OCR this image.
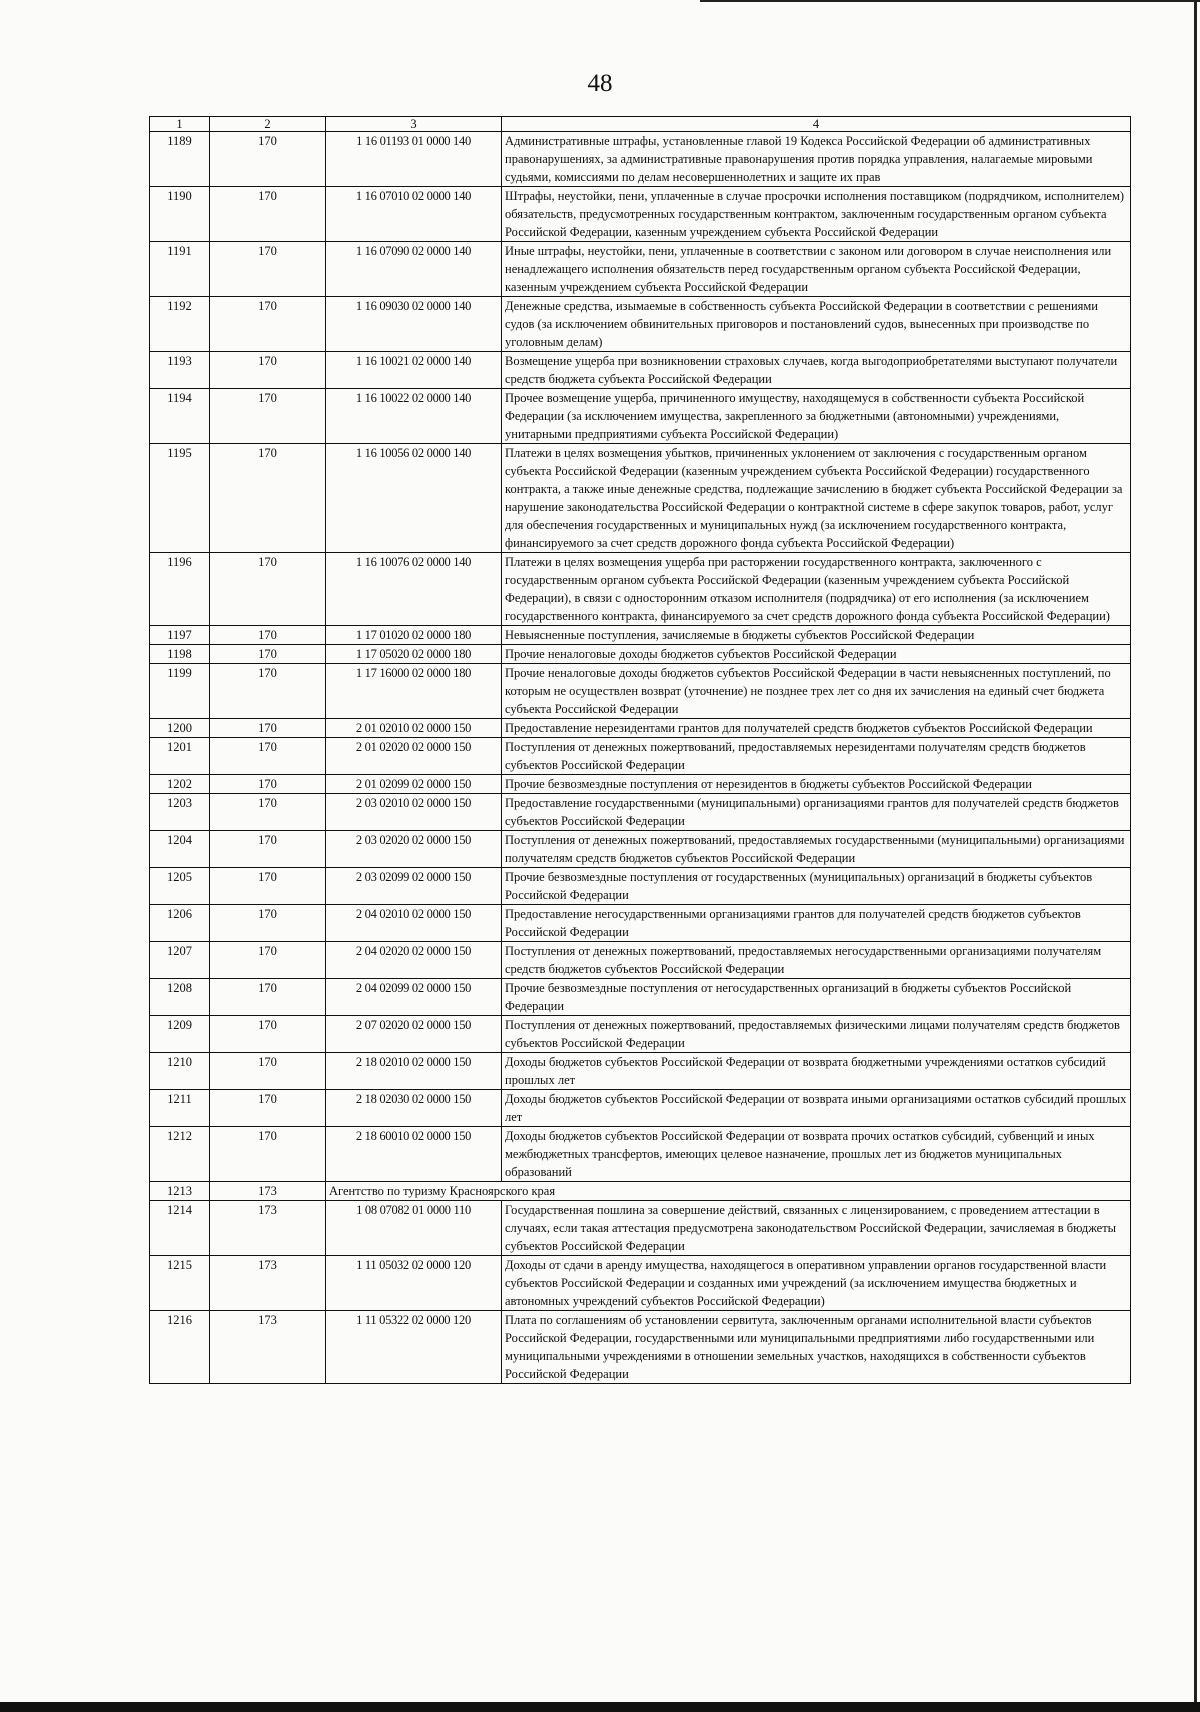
48
1	2	3	4
1189	170	1 16 01193 01 0000 140	Административные штрафы, установленные главой 19 Кодекса Российской Федерации об административных правонарушениях, за административные правонарушения против порядка управления, налагаемые мировыми судьями, комиссиями по делам несовершеннолетних и защите их прав
1190	170	1 16 07010 02 0000 140	Штрафы, неустойки, пени, уплаченные в случае просрочки исполнения поставщиком (подрядчиком, исполнителем) обязательств, предусмотренных государственным контрактом, заключенным государственным органом субъекта Российской Федерации, казенным учреждением субъекта Российской Федерации
1191	170	1 16 07090 02 0000 140	Иные штрафы, неустойки, пени, уплаченные в соответствии с законом или договором в случае неисполнения или ненадлежащего исполнения обязательств перед государственным органом субъекта Российской Федерации, казенным учреждением субъекта Российской Федерации
1192	170	1 16 09030 02 0000 140	Денежные средства, изымаемые в собственность субъекта Российской Федерации в соответствии с решениями судов (за исключением обвинительных приговоров и постановлений судов, вынесенных при производстве по уголовным делам)
1193	170	1 16 10021 02 0000 140	Возмещение ущерба при возникновении страховых случаев, когда выгодоприобретателями выступают получатели средств бюджета субъекта Российской Федерации
1194	170	1 16 10022 02 0000 140	Прочее возмещение ущерба, причиненного имуществу, находящемуся в собственности субъекта Российской Федерации (за исключением имущества, закрепленного за бюджетными (автономными) учреждениями, унитарными предприятиями субъекта Российской Федерации)
1195	170	1 16 10056 02 0000 140	Платежи в целях возмещения убытков, причиненных уклонением от заключения с государственным органом субъекта Российской Федерации (казенным учреждением субъекта Российской Федерации) государственного контракта, а также иные денежные средства, подлежащие зачислению в бюджет субъекта Российской Федерации за нарушение законодательства Российской Федерации о контрактной системе в сфере закупок товаров, работ, услуг для обеспечения государственных и муниципальных нужд (за исключением государственного контракта, финансируемого за счет средств дорожного фонда субъекта Российской Федерации)
1196	170	1 16 10076 02 0000 140	Платежи в целях возмещения ущерба при расторжении государственного контракта, заключенного с государственным органом субъекта Российской Федерации (казенным учреждением субъекта Российской Федерации), в связи с односторонним отказом исполнителя (подрядчика) от его исполнения (за исключением государственного контракта, финансируемого за счет средств дорожного фонда субъекта Российской Федерации)
1197	170	1 17 01020 02 0000 180	Невыясненные поступления, зачисляемые в бюджеты субъектов Российской Федерации
1198	170	1 17 05020 02 0000 180	Прочие неналоговые доходы бюджетов субъектов Российской Федерации
1199	170	1 17 16000 02 0000 180	Прочие неналоговые доходы бюджетов субъектов Российской Федерации в части невыясненных поступлений, по которым не осуществлен возврат (уточнение) не позднее трех лет со дня их зачисления на единый счет бюджета субъекта Российской Федерации
1200	170	2 01 02010 02 0000 150	Предоставление нерезидентами грантов для получателей средств бюджетов субъектов Российской Федерации
1201	170	2 01 02020 02 0000 150	Поступления от денежных пожертвований, предоставляемых нерезидентами получателям средств бюджетов субъектов Российской Федерации
1202	170	2 01 02099 02 0000 150	Прочие безвозмездные поступления от нерезидентов в бюджеты субъектов Российской Федерации
1203	170	2 03 02010 02 0000 150	Предоставление государственными (муниципальными) организациями грантов для получателей средств бюджетов субъектов Российской Федерации
1204	170	2 03 02020 02 0000 150	Поступления от денежных пожертвований, предоставляемых государственными (муниципальными) организациями получателям средств бюджетов субъектов Российской Федерации
1205	170	2 03 02099 02 0000 150	Прочие безвозмездные поступления от государственных (муниципальных) организаций в бюджеты субъектов Российской Федерации
1206	170	2 04 02010 02 0000 150	Предоставление негосударственными организациями грантов для получателей средств бюджетов субъектов Российской Федерации
1207	170	2 04 02020 02 0000 150	Поступления от денежных пожертвований, предоставляемых негосударственными организациями получателям средств бюджетов субъектов Российской Федерации
1208	170	2 04 02099 02 0000 150	Прочие безвозмездные поступления от негосударственных организаций в бюджеты субъектов Российской Федерации
1209	170	2 07 02020 02 0000 150	Поступления от денежных пожертвований, предоставляемых физическими лицами получателям средств бюджетов субъектов Российской Федерации
1210	170	2 18 02010 02 0000 150	Доходы бюджетов субъектов Российской Федерации от возврата бюджетными учреждениями остатков субсидий прошлых лет
1211	170	2 18 02030 02 0000 150	Доходы бюджетов субъектов Российской Федерации от возврата иными организациями остатков субсидий прошлых лет
1212	170	2 18 60010 02 0000 150	Доходы бюджетов субъектов Российской Федерации от возврата прочих остатков субсидий, субвенций и иных межбюджетных трансфертов, имеющих целевое назначение, прошлых лет из бюджетов муниципальных образований
1213	173	Агентство по туризму Красноярского края	
1214	173	1 08 07082 01 0000 110	Государственная пошлина за совершение действий, связанных с лицензированием, с проведением аттестации в случаях, если такая аттестация предусмотрена законодательством Российской Федерации, зачисляемая в бюджеты субъектов Российской Федерации
1215	173	1 11 05032 02 0000 120	Доходы от сдачи в аренду имущества, находящегося в оперативном управлении органов государственной власти субъектов Российской Федерации и созданных ими учреждений (за исключением имущества бюджетных и автономных учреждений субъектов Российской Федерации)
1216	173	1 11 05322 02 0000 120	Плата по соглашениям об установлении сервитута, заключенным органами исполнительной власти субъектов Российской Федерации, государственными или муниципальными предприятиями либо государственными или муниципальными учреждениями в отношении земельных участков, находящихся в собственности субъектов Российской Федерации
